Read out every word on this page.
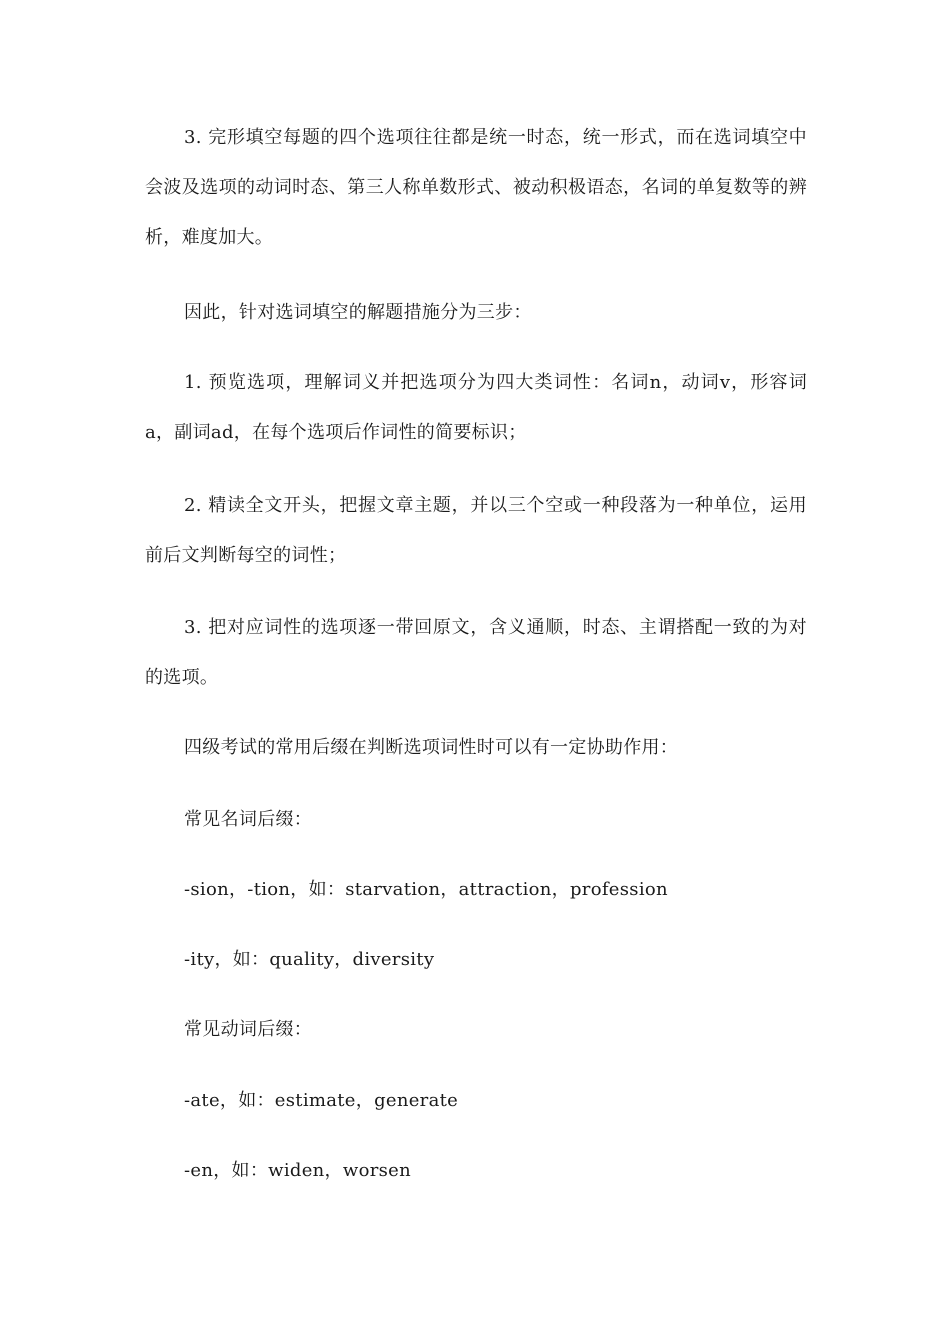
3. 完形填空每题的四个选项往往都是统一时态，统一形式，而在选词填空中会波及选项的动词时态、第三人称单数形式、被动积极语态，名词的单复数等的辨析，难度加大。

因此，针对选词填空的解题措施分为三步：

1. 预览选项，理解词义并把选项分为四大类词性：名词n，动词v，形容词a，副词ad，在每个选项后作词性的简要标识；

2. 精读全文开头，把握文章主题，并以三个空或一种段落为一种单位，运用前后文判断每空的词性；

3. 把对应词性的选项逐一带回原文，含义通顺，时态、主谓搭配一致的为对的选项。

四级考试的常用后缀在判断选项词性时可以有一定协助作用：

常见名词后缀：

-sion，-tion，如：starvation，attraction，profession

-ity，如：quality，diversity

常见动词后缀：

-ate，如：estimate，generate

-en，如：widen，worsen
